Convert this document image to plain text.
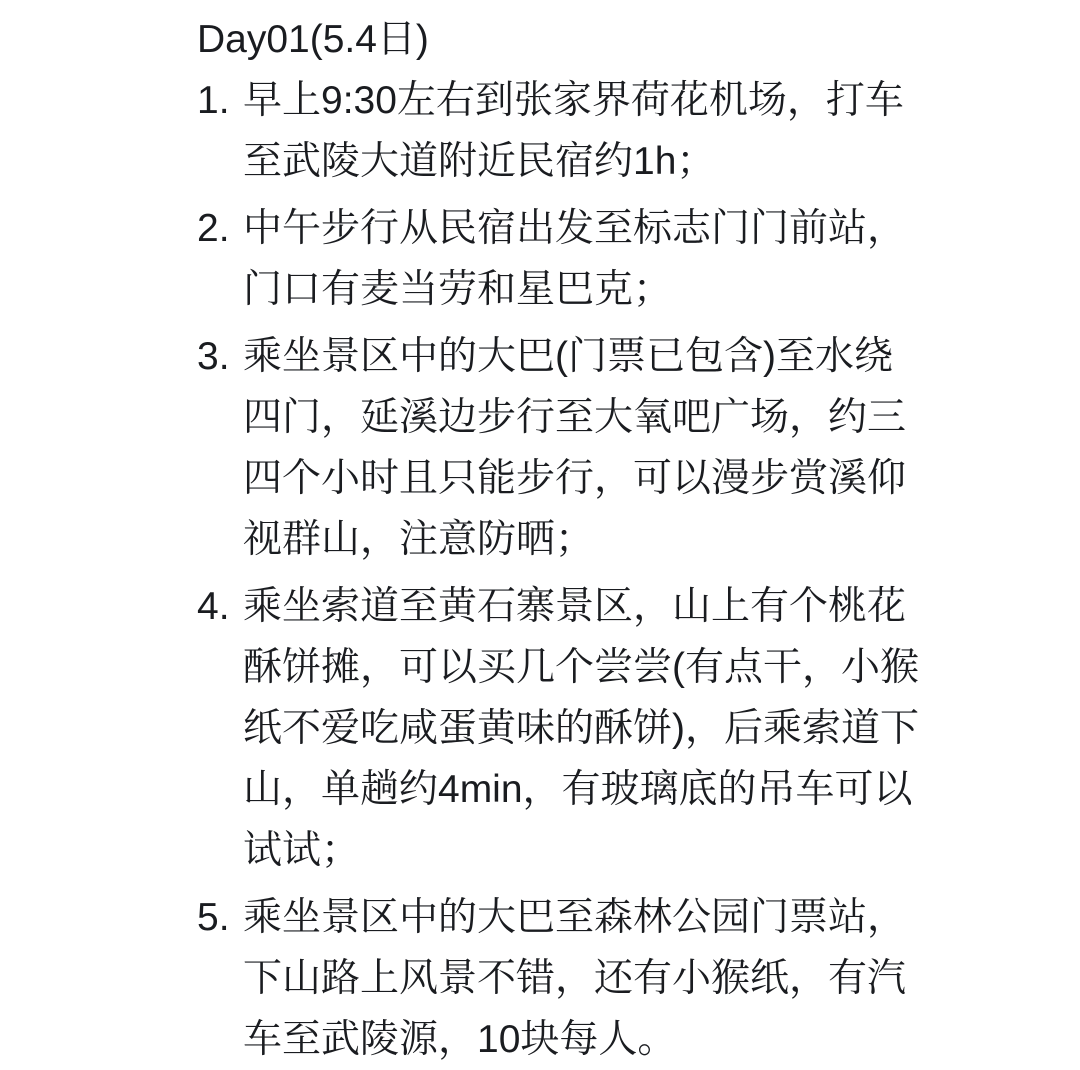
Day01(5.4日)
1. 早上9:30左右到张家界荷花机场，打车
至武陵大道附近民宿约1h；
2. 中午步行从民宿出发至标志门门前站，
门口有麦当劳和星巴克；
3. 乘坐景区中的大巴(门票已包含)至水绕
四门，延溪边步行至大氧吧广场，约三
四个小时且只能步行，可以漫步赏溪仰
视群山，注意防晒；
4. 乘坐索道至黄石寨景区，山上有个桃花
酥饼摊，可以买几个尝尝(有点干，小猴
纸不爱吃咸蛋黄味的酥饼)，后乘索道下
山，单趟约4min，有玻璃底的吊车可以
试试；
5. 乘坐景区中的大巴至森林公园门票站，
下山路上风景不错，还有小猴纸，有汽
车至武陵源，10块每人。
